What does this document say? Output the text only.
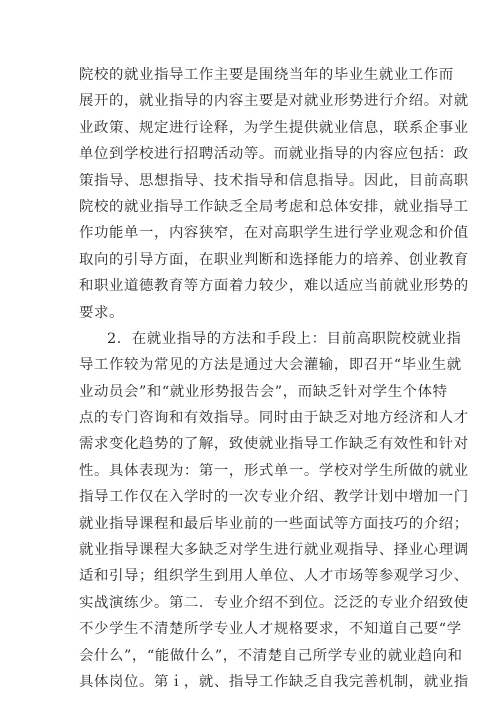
院校的就业指导工作主要是围绕当年的毕业生就业工作而
展开的，就业指导的内容主要是对就业形势进行介绍。对就
业政策、规定进行诠释，为学生提供就业信息，联系企事业
单位到学校进行招聘活动等。而就业指导的内容应包括：政
策指导、思想指导、技术指导和信息指导。因此，目前高职
院校的就业指导工作缺乏全局考虑和总体安排，就业指导工
作功能单一，内容狭窄，在对高职学生进行学业观念和价值
取向的引导方面，在职业判断和选择能力的培养、创业教育
和职业道德教育等方面着力较少，难以适应当前就业形势的
要求。
2．在就业指导的方法和手段上：目前高职院校就业指
导工作较为常见的方法是通过大会灌输，即召开“毕业生就
业动员会”和“就业形势报告会”，而缺乏针对学生个体特
点的专门咨询和有效指导。同时由于缺乏对地方经济和人才
需求变化趋势的了解，致使就业指导工作缺乏有效性和针对
性。具体表现为：第一，形式单一。学校对学生所做的就业
指导工作仅在入学时的一次专业介绍、教学计划中增加一门
就业指导课程和最后毕业前的一些面试等方面技巧的介绍；
就业指导课程大多缺乏对学生进行就业观指导、择业心理调
适和引导；组织学生到用人单位、人才市场等参观学习少、
实战演练少。第二．专业介绍不到位。泛泛的专业介绍致使
不少学生不清楚所学专业人才规格要求，不知道自己要“学
会什么”，“能做什么”，不清楚自己所学专业的就业趋向和
具体岗位。第ｉ，就、指导工作缺乏自我完善机制，就业指
